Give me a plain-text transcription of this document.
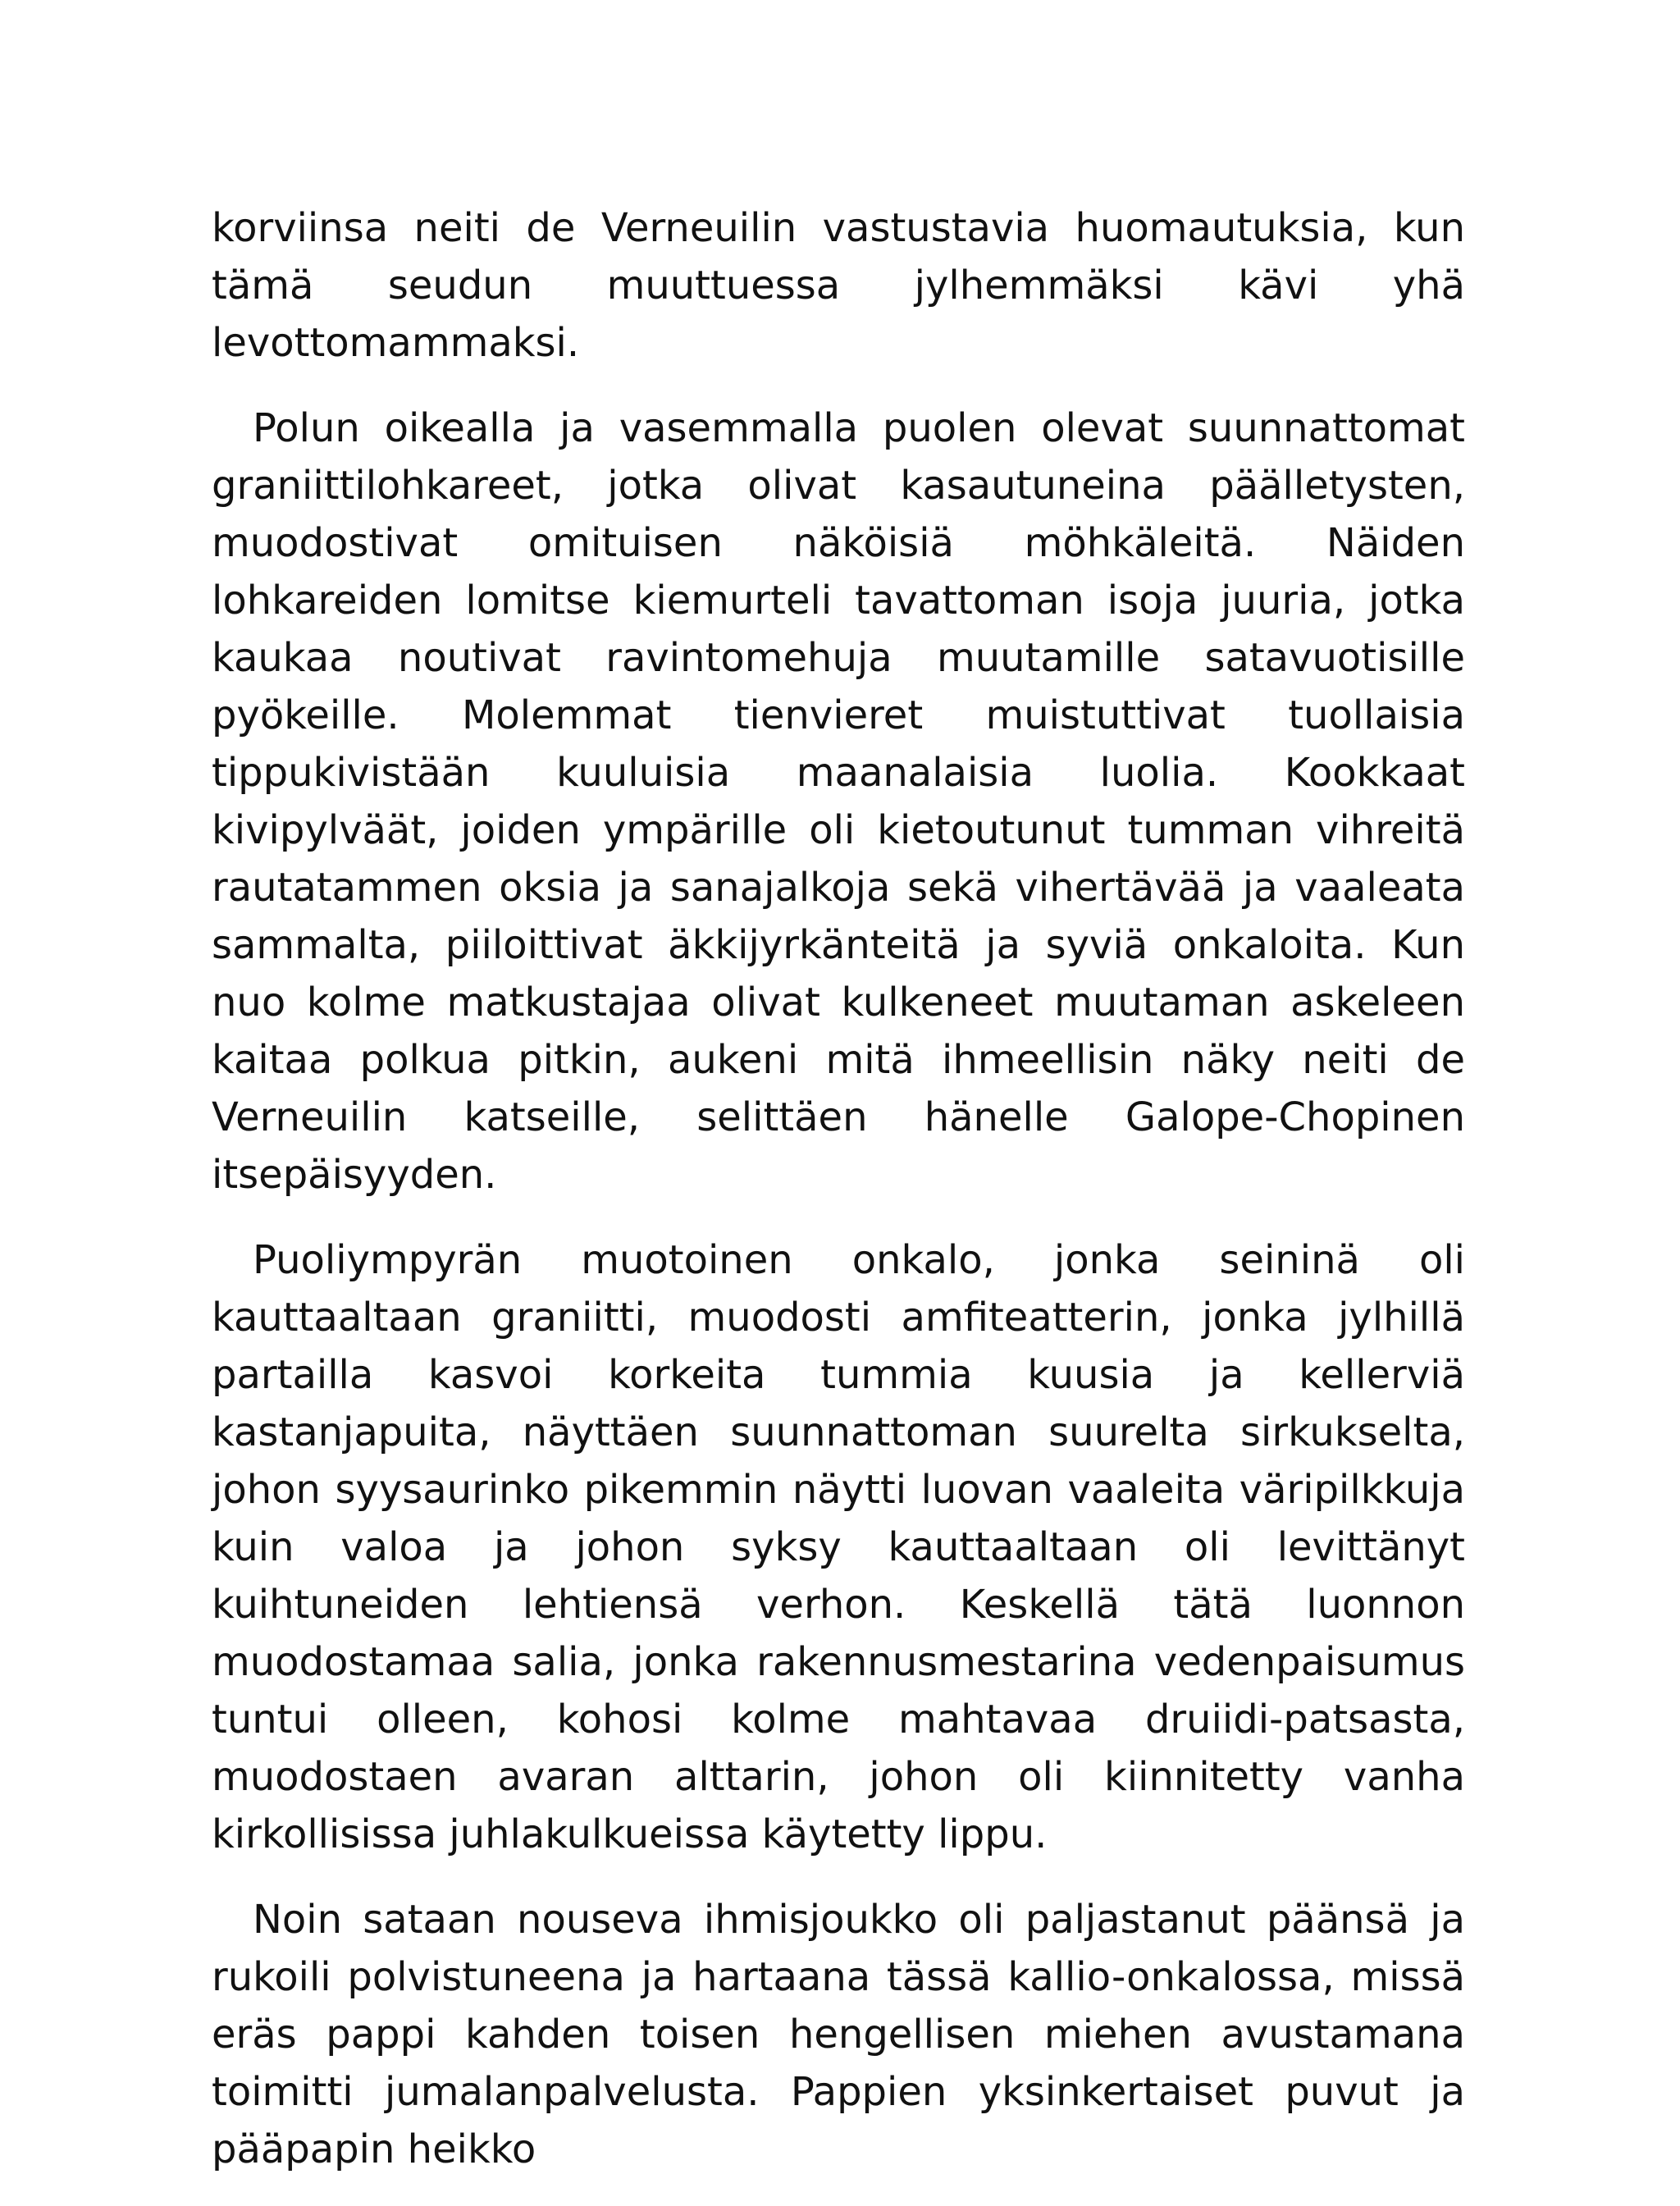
korviinsa neiti de Verneuilin vastustavia huomautuksia, kun tämä seudun muuttuessa jylhemmäksi kävi yhä levottomammaksi.

Polun oikealla ja vasemmalla puolen olevat suunnattomat graniittilohkareet, jotka olivat kasautuneina päälletysten, muodostivat omituisen näköisiä möhkäleitä. Näiden lohkareiden lomitse kiemurteli tavattoman isoja juuria, jotka kaukaa noutivat ravintomehuja muutamille satavuotisille pyökeille. Molemmat tienvieret muistuttivat tuollaisia tippukivistään kuuluisia maanalaisia luolia. Kookkaat kivipylväät, joiden ympärille oli kietoutunut tumman vihreitä rautatammen oksia ja sanajalkoja sekä vihertävää ja vaaleata sammalta, piiloittivat äkkijyrkänteitä ja syviä onkaloita. Kun nuo kolme matkustajaa olivat kulkeneet muutaman askeleen kaitaa polkua pitkin, aukeni mitä ihmeellisin näky neiti de Verneuilin katseille, selittäen hänelle Galope-Chopinen itsepäisyyden.

Puoliympyrän muotoinen onkalo, jonka seininä oli kauttaaltaan graniitti, muodosti amfiteatterin, jonka jylhillä partailla kasvoi korkeita tummia kuusia ja kellerviä kastanjapuita, näyttäen suunnattoman suurelta sirkukselta, johon syysaurinko pikemmin näytti luovan vaaleita väripilkkuja kuin valoa ja johon syksy kauttaaltaan oli levittänyt kuihtuneiden lehtiensä verhon. Keskellä tätä luonnon muodostamaa salia, jonka rakennusmestarina vedenpaisumus tuntui olleen, kohosi kolme mahtavaa druiidi-patsasta, muodostaen avaran alttarin, johon oli kiinnitetty vanha kirkollisissa juhlakulkueissa käytetty lippu.

Noin sataan nouseva ihmisjoukko oli paljastanut päänsä ja rukoili polvistuneena ja hartaana tässä kallio-onkalossa, missä eräs pappi kahden toisen hengellisen miehen avustamana toimitti jumalanpalvelusta. Pappien yksinkertaiset puvut ja pääpapin heikko
